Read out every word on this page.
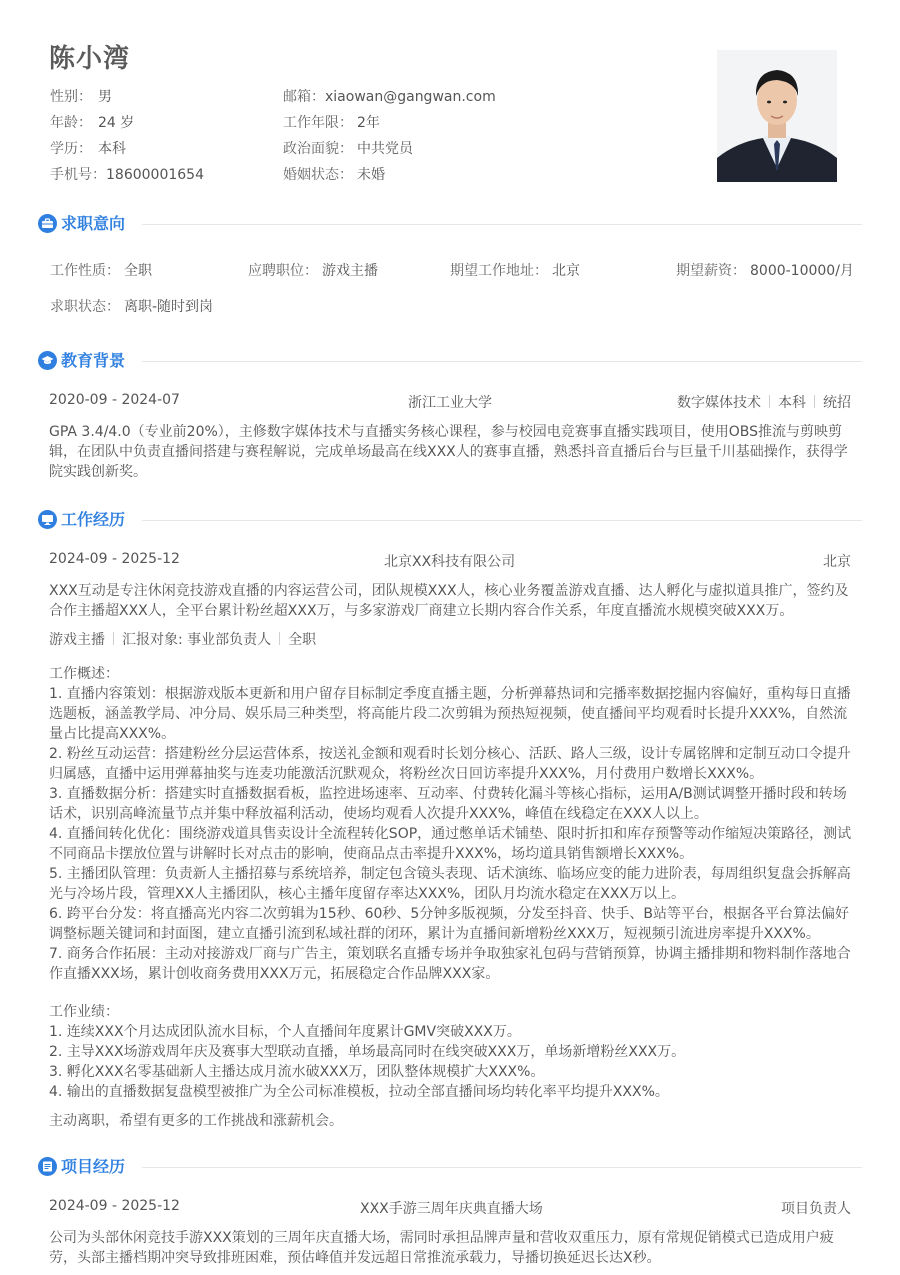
陈小湾
性别： 男
年龄： 24 岁
学历： 本科
手机号：18600001654
邮箱：xiaowan@gangwan.com
工作年限： 2年
政治面貌： 中共党员
婚姻状态： 未婚
求职意向
工作性质： 全职	应聘职位： 游戏主播	期望工作地址： 北京	期望薪资： 8000-10000/月
求职状态： 离职-随时到岗
教育背景
2020-09 - 2024-07	浙江工业大学	数字媒体技术 本科 统招
GPA 3.4/4.0（专业前20%），主修数字媒体技术与直播实务核心课程，参与校园电竞赛事直播实践项目，使用OBS推流与剪映剪
辑，在团队中负责直播间搭建与赛程解说，完成单场最高在线XXX人的赛事直播，熟悉抖音直播后台与巨量千川基础操作，获得学
院实践创新奖。
工作经历
2024-09 - 2025-12	北京XX科技有限公司	北京
XXX互动是专注休闲竞技游戏直播的内容运营公司，团队规模XXX人，核心业务覆盖游戏直播、达人孵化与虚拟道具推广，签约及
合作主播超XXX人，全平台累计粉丝超XXX万，与多家游戏厂商建立长期内容合作关系，年度直播流水规模突破XXX万。
游戏主播 汇报对象: 事业部负责人 全职
工作概述：
1. 直播内容策划：根据游戏版本更新和用户留存目标制定季度直播主题，分析弹幕热词和完播率数据挖掘内容偏好，重构每日直播
选题板，涵盖教学局、冲分局、娱乐局三种类型，将高能片段二次剪辑为预热短视频，使直播间平均观看时长提升XXX%，自然流
量占比提高XXX%。
2. 粉丝互动运营：搭建粉丝分层运营体系，按送礼金额和观看时长划分核心、活跃、路人三级，设计专属铭牌和定制互动口令提升
归属感，直播中运用弹幕抽奖与连麦功能激活沉默观众，将粉丝次日回访率提升XXX%，月付费用户数增长XXX%。
3. 直播数据分析：搭建实时直播数据看板，监控进场速率、互动率、付费转化漏斗等核心指标，运用A/B测试调整开播时段和转场
话术，识别高峰流量节点并集中释放福利活动，使场均观看人次提升XXX%，峰值在线稳定在XXX人以上。
4. 直播间转化优化：围绕游戏道具售卖设计全流程转化SOP，通过憋单话术铺垫、限时折扣和库存预警等动作缩短决策路径，测试
不同商品卡摆放位置与讲解时长对点击的影响，使商品点击率提升XXX%，场均道具销售额增长XXX%。
5. 主播团队管理：负责新人主播招募与系统培养，制定包含镜头表现、话术演练、临场应变的能力进阶表，每周组织复盘会拆解高
光与冷场片段，管理XX人主播团队，核心主播年度留存率达XXX%，团队月均流水稳定在XXX万以上。
6. 跨平台分发：将直播高光内容二次剪辑为15秒、60秒、5分钟多版视频，分发至抖音、快手、B站等平台，根据各平台算法偏好
调整标题关键词和封面图，建立直播引流到私域社群的闭环，累计为直播间新增粉丝XXX万，短视频引流进房率提升XXX%。
7. 商务合作拓展：主动对接游戏厂商与广告主，策划联名直播专场并争取独家礼包码与营销预算，协调主播排期和物料制作落地合
作直播XXX场，累计创收商务费用XXX万元，拓展稳定合作品牌XXX家。
工作业绩：
1. 连续XXX个月达成团队流水目标，个人直播间年度累计GMV突破XXX万。
2. 主导XXX场游戏周年庆及赛事大型联动直播，单场最高同时在线突破XXX万，单场新增粉丝XXX万。
3. 孵化XXX名零基础新人主播达成月流水破XXX万，团队整体规模扩大XXX%。
4. 输出的直播数据复盘模型被推广为全公司标准模板，拉动全部直播间场均转化率平均提升XXX%。
主动离职，希望有更多的工作挑战和涨薪机会。
项目经历
2024-09 - 2025-12	XXX手游三周年庆典直播大场	项目负责人
公司为头部休闲竞技手游XXX策划的三周年庆直播大场，需同时承担品牌声量和营收双重压力，原有常规促销模式已造成用户疲
劳，头部主播档期冲突导致排班困难，预估峰值并发远超日常推流承载力，导播切换延迟长达X秒。
